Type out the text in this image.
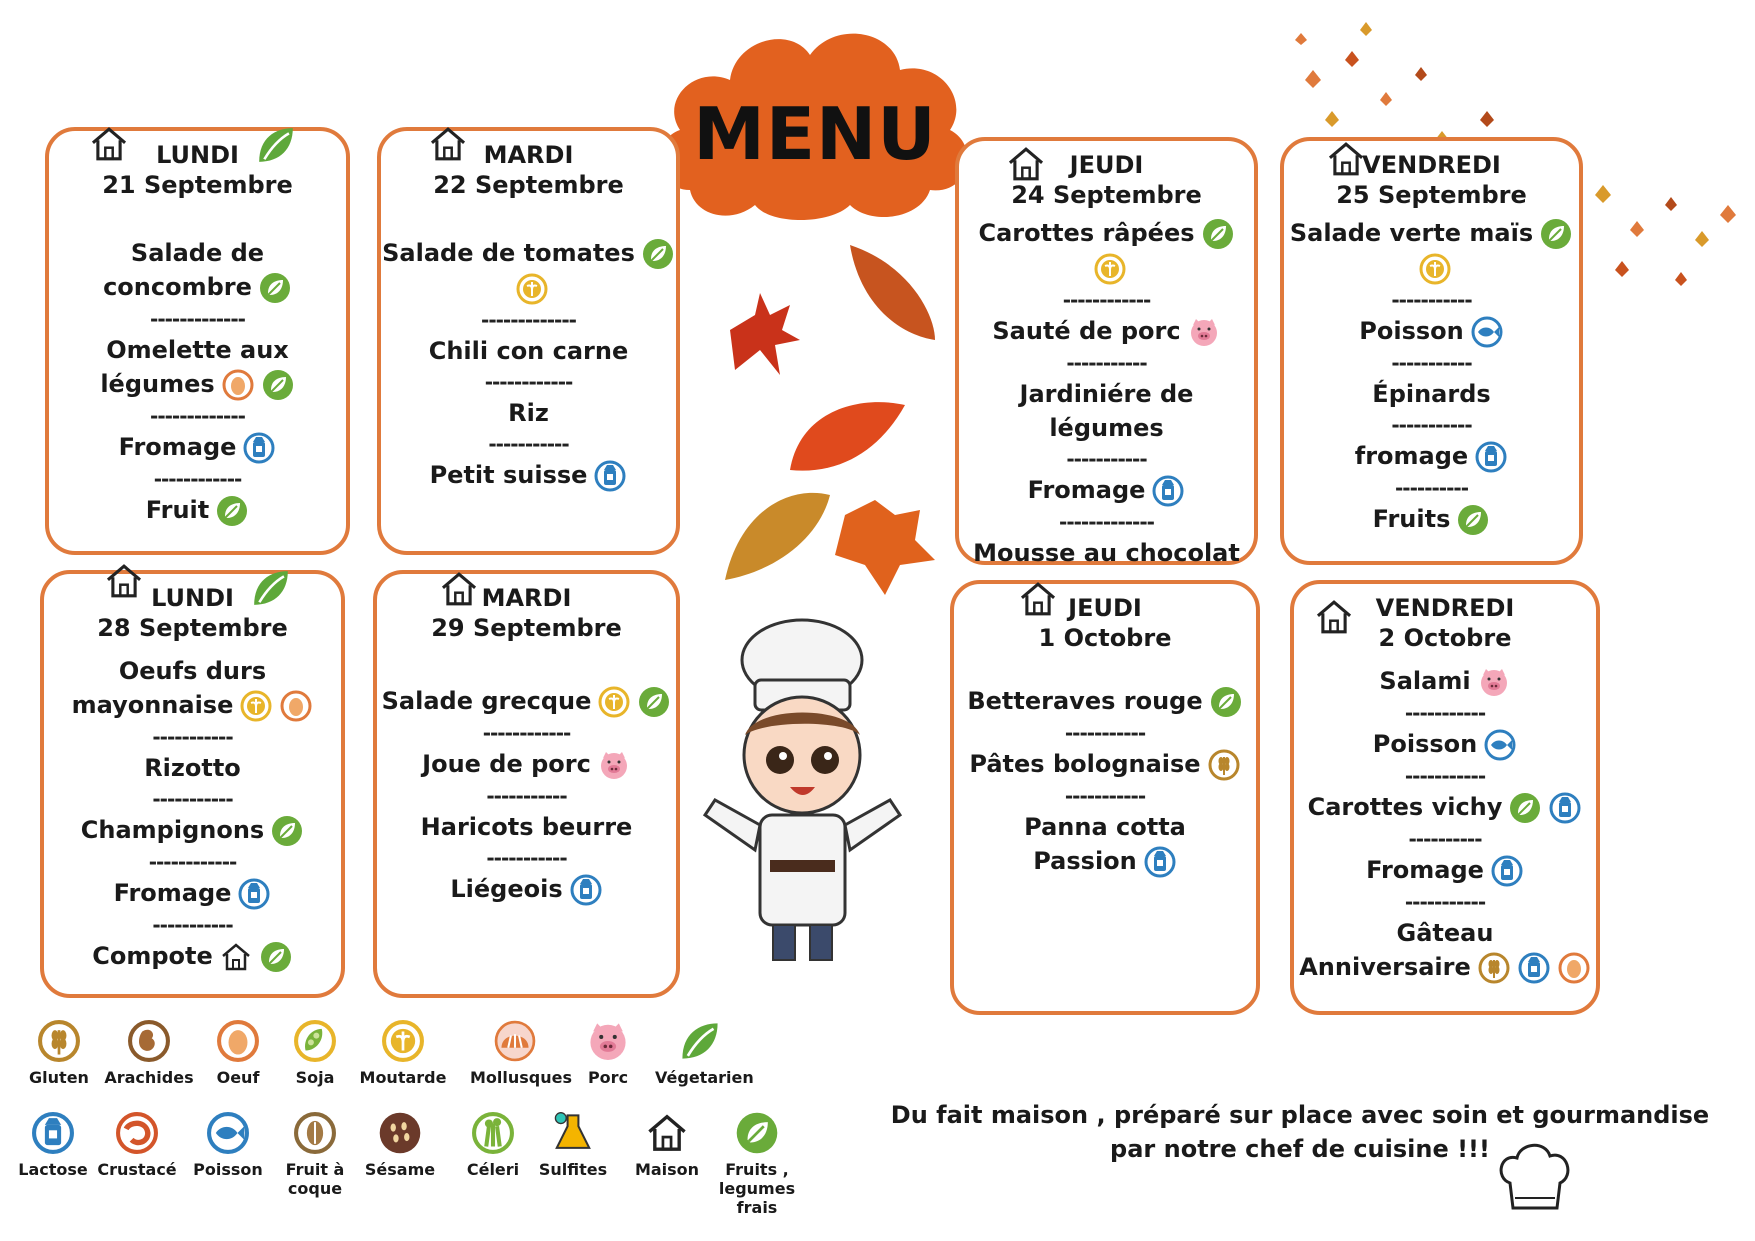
MENU
LUNDI
21 Septembre
Salade de
concombre
-------------
Omelette aux
légumes
-------------
Fromage
------------
Fruit
MARDI
22 Septembre
Salade de tomates
-------------
Chili con carne
------------
Riz
-----------
Petit suisse
JEUDI
24 Septembre
Carottes râpées
------------
Sauté de porc
-----------
Jardiniére de légumes
-----------
Fromage
-------------
Mousse au chocolat
VENDREDI
25 Septembre
Salade verte maïs
-----------
Poisson
-----------
Épinards
-----------
fromage
----------
Fruits
LUNDI
28 Septembre
Oeufs durs
mayonnaise
-----------
Rizotto
-----------
Champignons
------------
Fromage
-----------
Compote
MARDI
29 Septembre
Salade grecque
------------
Joue de porc
-----------
Haricots beurre
-----------
Liégeois
JEUDI
1 Octobre
Betteraves rouge
-----------
Pâtes bolognaise
-----------
Panna cotta
Passion
VENDREDI
2 Octobre
Salami
-----------
Poisson
-----------
Carottes vichy
----------
Fromage
-----------
Gâteau
Anniversaire
Gluten Arachides	Oeuf	Soja	Moutarde Mollusques Porc	Végetarien
Lactose Crustacé	Poisson	Fruit à
coque
Sésame	Céleri	Sulfites	Maison	Fruits ,
legumes frais
Du fait maison , préparé sur place avec soin et gourmandise
par notre chef de cuisine !!!
